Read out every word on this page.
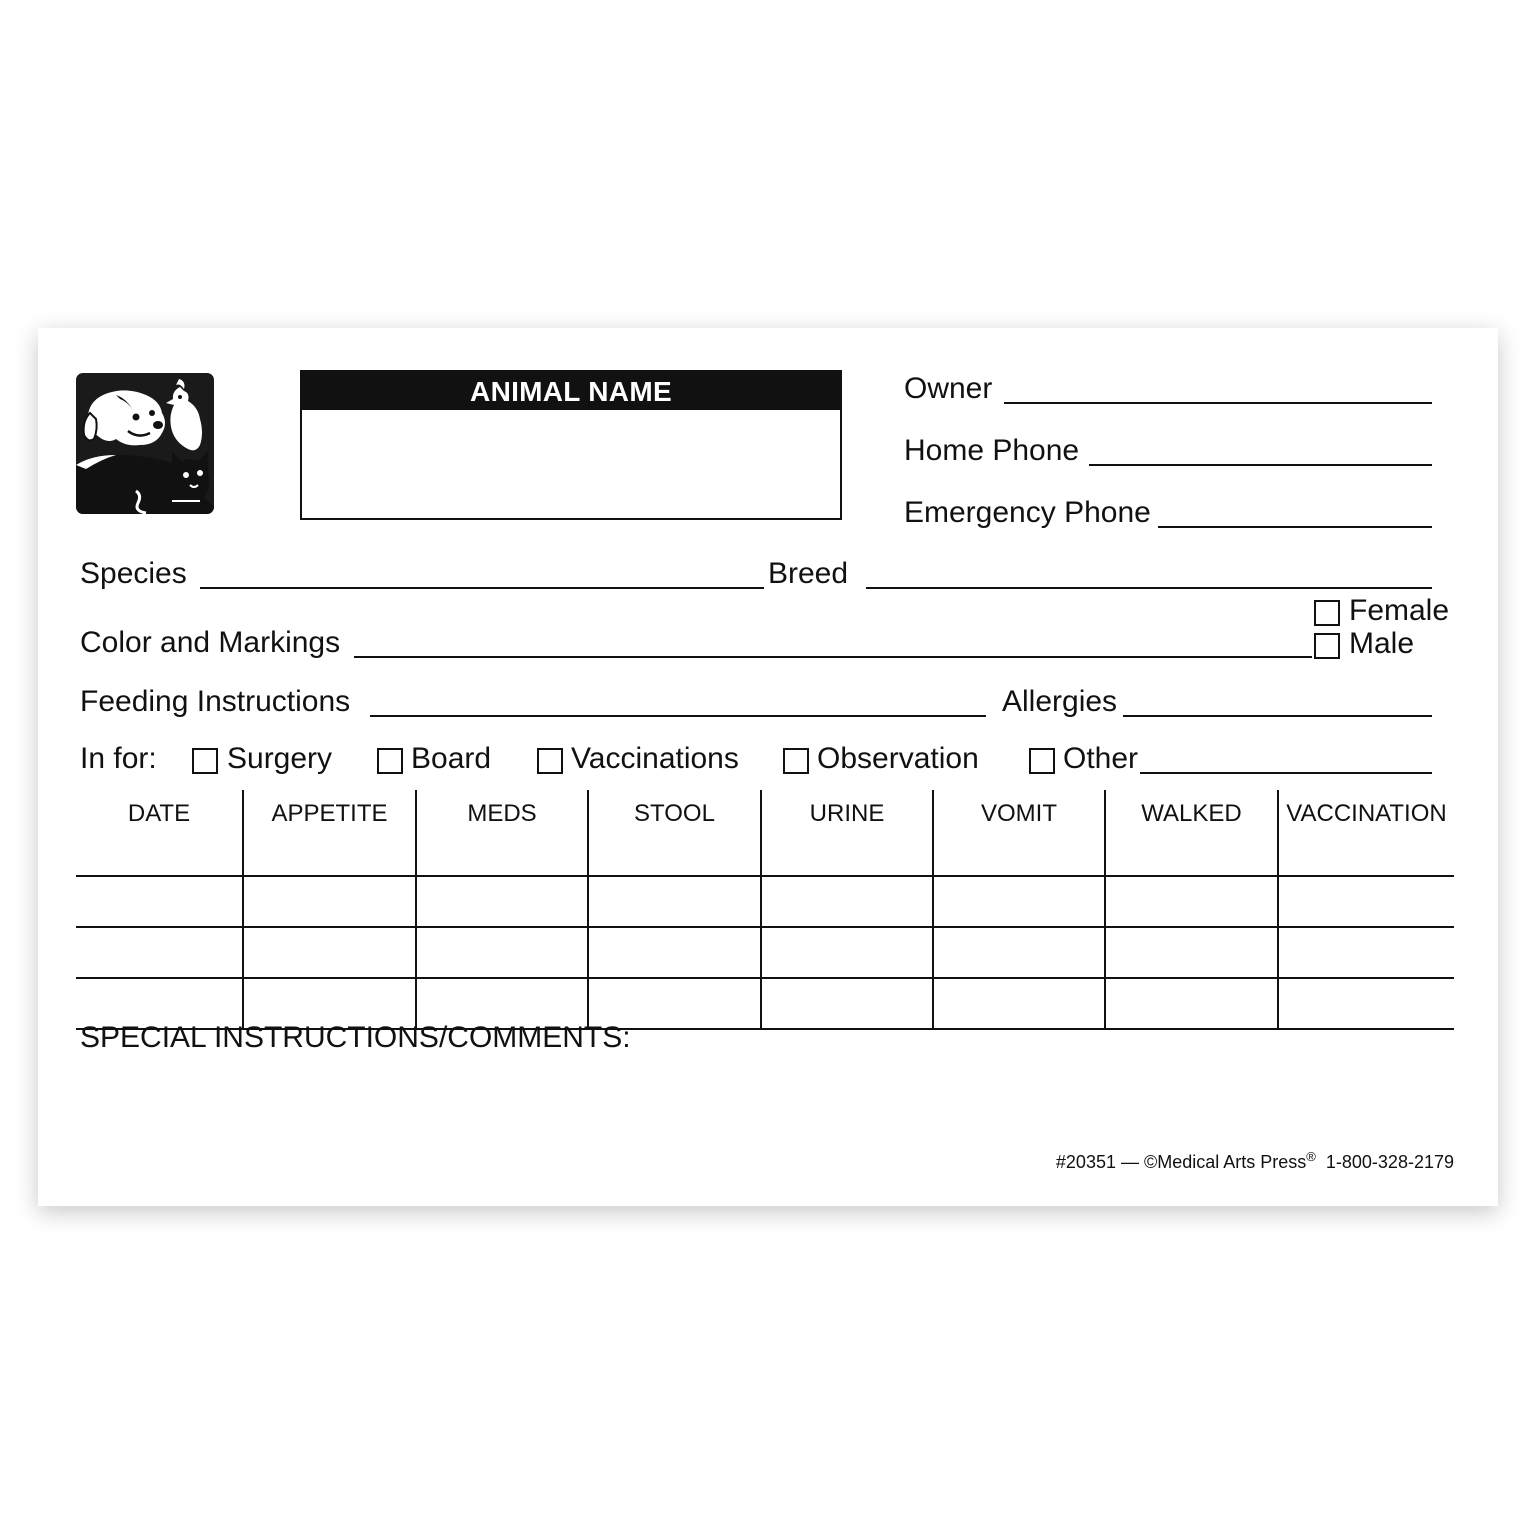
ANIMAL NAME	Owner
Home Phone
Emergency Phone
Species	Breed
Color and Markings
Female
Male
Feeding Instructions	Allergies
In for: Surgery	Board	Vaccinations	Observation	Other
DATE	APPETITE	MEDS	STOOL	URINE	VOMIT	WALKED	VACCINATION

SPECIAL INSTRUCTIONS/COMMENTS:
#20351 — ©Medical Arts Press® 1-800-328-2179
